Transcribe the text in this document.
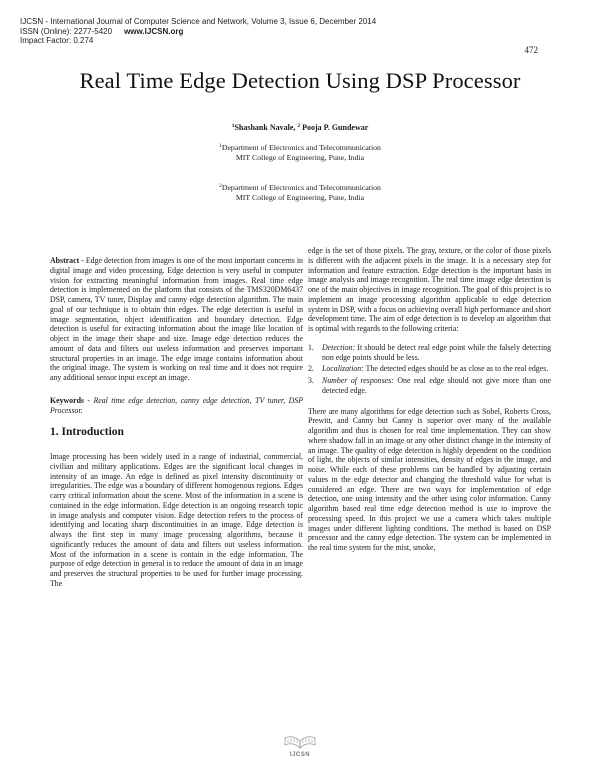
IJCSN - International Journal of Computer Science and Network, Volume 3, Issue 6, December 2014
ISSN (Online): 2277-5420 www.IJCSN.org
Impact Factor: 0.274
472
Real Time Edge Detection Using DSP Processor
$^1$Shashank Navale, $^2$ Pooja P. Gundewar
$^1$Department of Electronics and Telecommunication
MIT College of Engineering, Pune, India
$^2$Department of Electronics and Telecommunication
MIT College of Engineering, Pune, India

Abstract - Edge detection from images is one of the most important concerns in digital image and video processing. Edge detection is very useful in computer vision for extracting meaningful information from images. Real time edge detection is implemented on the platform that consists of the TMS320DM6437 DSP, camera, TV tuner, Display and canny edge detection algorithm. The main goal of our technique is to obtain thin edges. The edge detection is useful in image segmentation, object identification and boundary detection. Edge detection is useful for extracting information about the image like location of object in the image their shape and size. Image edge detection reduces the amount of data and filters out useless information and preserves important structural properties in an image. The edge image contains information about the original image. The system is working on real time and it does not require any additional sensor input except an image.

Keywords - Real time edge detection, canny edge detection, TV tuner, DSP Processor.

1. Introduction

Image processing has been widely used in a range of industrial, commercial, civilian and military applications. Edges are the significant local changes in intensity of an image. An edge is defined as pixel intensity discontinuity or irregularities. The edge was a boundary of different homogenous regions. Edges carry critical information about the scene. Most of the information in a scene is contained in the edge information. Edge detection is an ongoing research topic in image analysis and computer vision. Edge detection refers to the process of identifying and locating sharp discontinuities in an image. Edge detection is always the first step in many image processing algorithms, because it significantly reduces the amount of data and filters out useless information. Most of the information in a scene is contain in the edge information. The purpose of edge detection in general is to reduce the amount of data in an image and preserves the structural properties to be used for further image processing. The

edge is the set of those pixels. The gray, texture, or the color of those pixels is different with the adjacent pixels in the image. It is a necessary step for information and feature extraction. Edge detection is the important basis in image analysis and image recognition. The real time image edge detection is one of the main objectives in image recognition. The goal of this project is to implement an image processing algorithm applicable to edge detection system in DSP, with a focus on achieving overall high performance and short development time. The aim of edge detection is to develop an algorithm that is optimal with regards to the following criteria:

1. Detection: It should be detect real edge point while the falsely detecting non edge points should be less.
2. Localization: The detected edges should be as close as to the real edges.
3. Number of responses: One real edge should not give more than one detected edge.

There are many algorithms for edge detection such as Sobel, Roberts Cross, Prewitt, and Canny but Canny is superior over many of the available algorithm and thus is chosen for real time implementation. They can show where shadow fall in an image or any other distinct change in the intensity of an image. The quality of edge detection is highly dependent on the condition of light, the objects of similar intensities, density of edges in the image, and noise. While each of these problems can be handled by adjusting certain values in the edge detector and changing the threshold value for what is considered an edge. There are two ways for implementation of edge detection, one using intensity and the other using color information. Canny algorithm based real time edge detection method is use to improve the processing speed. In this project we use a camera which takes multiple images under different lighting conditions. The method is based on DSP processor and the canny edge detection. The system can be implemented in the real time system for the mist, smoke,

IJCSN
